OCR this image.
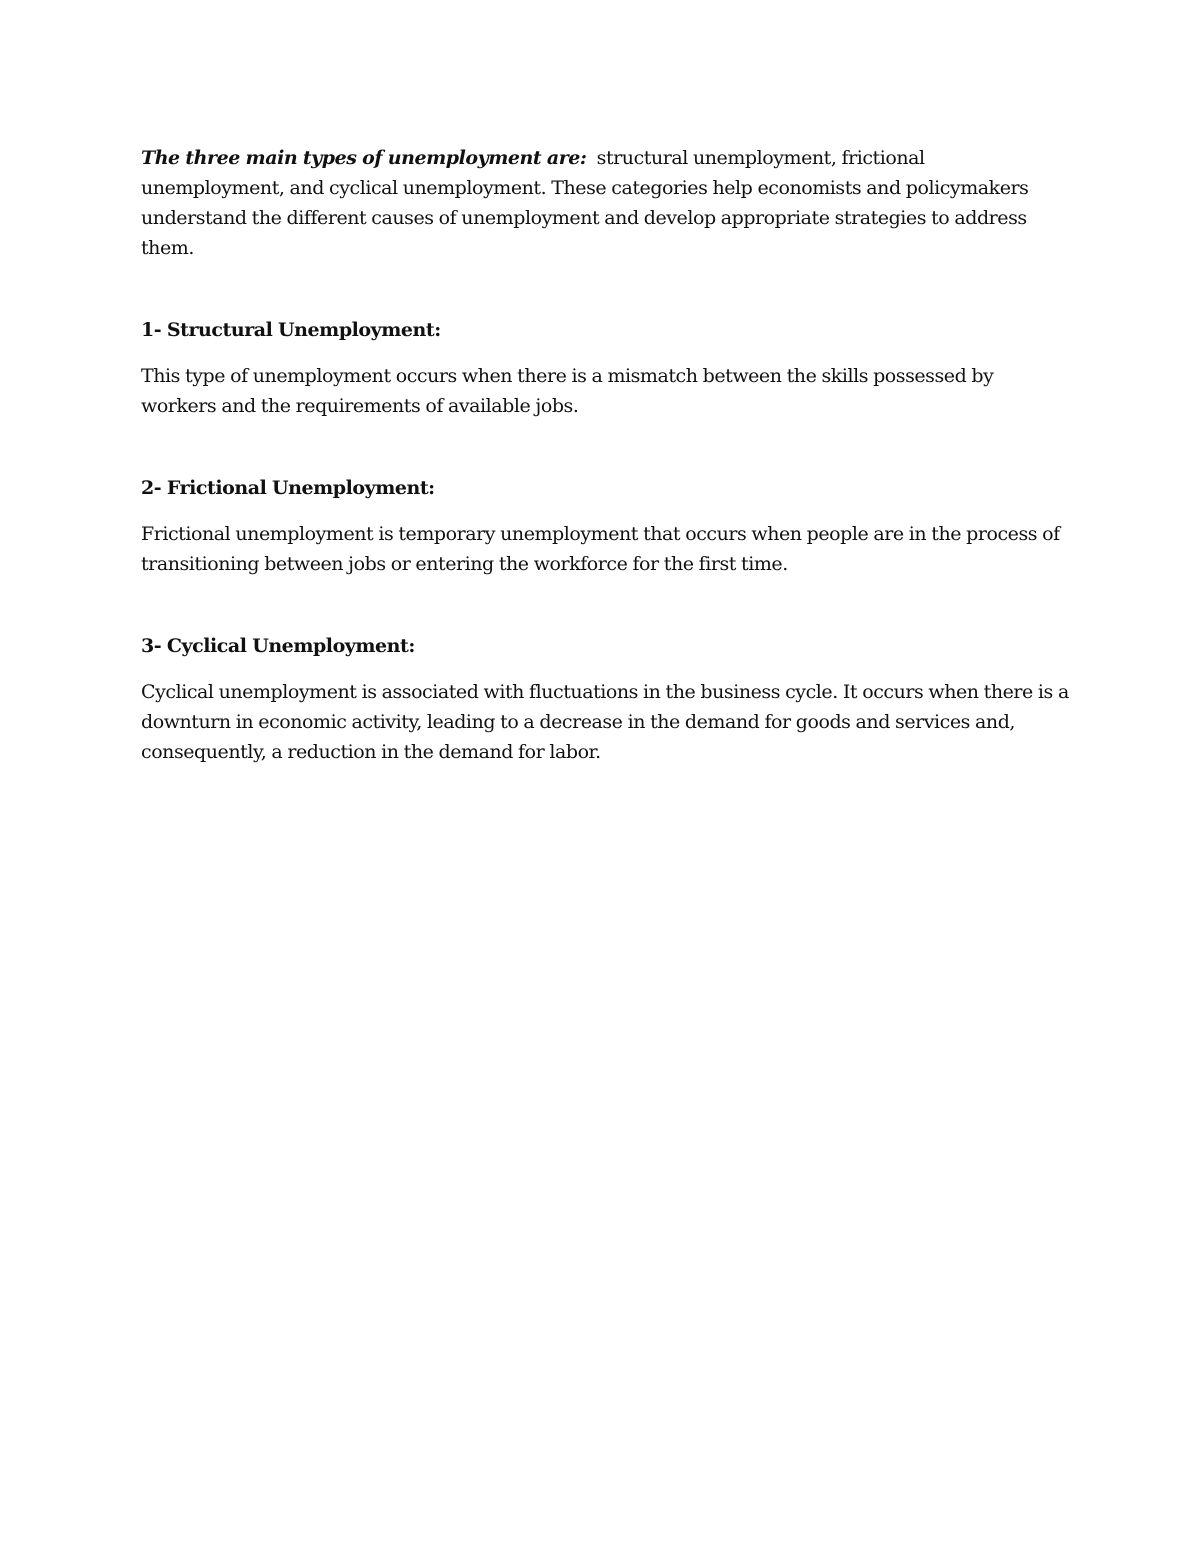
The three main types of unemployment are: structural unemployment, frictional unemployment, and cyclical unemployment. These categories help economists and policymakers understand the different causes of unemployment and develop appropriate strategies to address them.

1- Structural Unemployment:

This type of unemployment occurs when there is a mismatch between the skills possessed by workers and the requirements of available jobs.

2- Frictional Unemployment:

Frictional unemployment is temporary unemployment that occurs when people are in the process of transitioning between jobs or entering the workforce for the first time.

3- Cyclical Unemployment:

Cyclical unemployment is associated with fluctuations in the business cycle. It occurs when there is a downturn in economic activity, leading to a decrease in the demand for goods and services and, consequently, a reduction in the demand for labor.
